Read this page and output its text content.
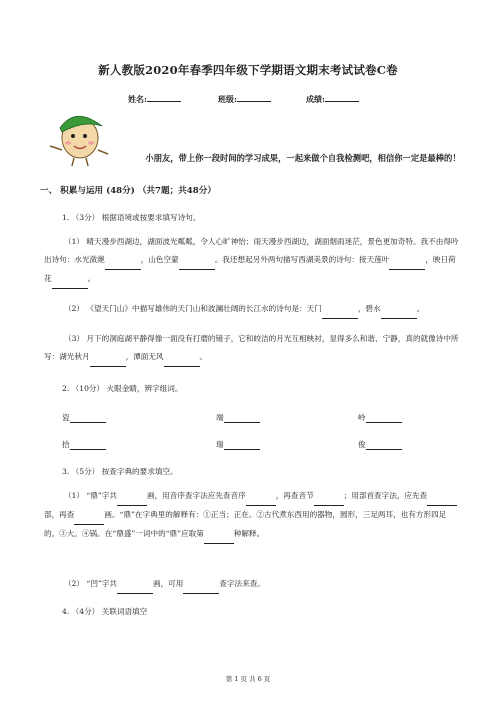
新人教版2020年春季四年级下学期语文期末考试试卷C卷
姓名:	班级:	成绩:
小朋友，带上你一段时间的学习成果，一起来做个自我检测吧，相信你一定是最棒的！
一、 积累与运用 (48分) （共7题；共48分）
1. （3分） 根据语境或按要求填写诗句。
（1） 晴天漫步西湖边，湖面波光粼粼，令人心旷神怡；雨天漫步西湖边，湖面烟雨迷茫，景色更加奇特。我不由得吟出诗句：水光潋滟	，山色空蒙	。我还想起另外两句描写西湖美景的诗句：接天莲叶	，映日荷花	。
（2） 《望天门山》中描写雄伟的天门山和波澜壮阔的长江水的诗句是：天门	，碧水	。
（3） 月下的洞庭湖平静得像一面没有打磨的镜子，它和皎洁的月光互相映衬，显得多么和谐、宁静，真的就像诗中所写：湖光秋月	，潭面无风	。
2. （10分） 火眼金睛，辨字组词。
瓷	端	岭
拾	瑞	俊
3. （5分） 按查字典的要求填空。
（1） “鼎”字共	画，用音序查字法应先查音序	，再查音节	；用部首查字法，应先查 部，再查	画。“鼎”在字典里的解释有：①正当；正在。②古代煮东西用的器物，圆形，三足两耳，也有方形四足的。③大。④锅。在“鼎盛”一词中的“鼎”应取第	种解释。
（2） “凹”字共	画，可用	查字法来查。
4. （4分） 关联词语填空
第 1 页 共 6 页
